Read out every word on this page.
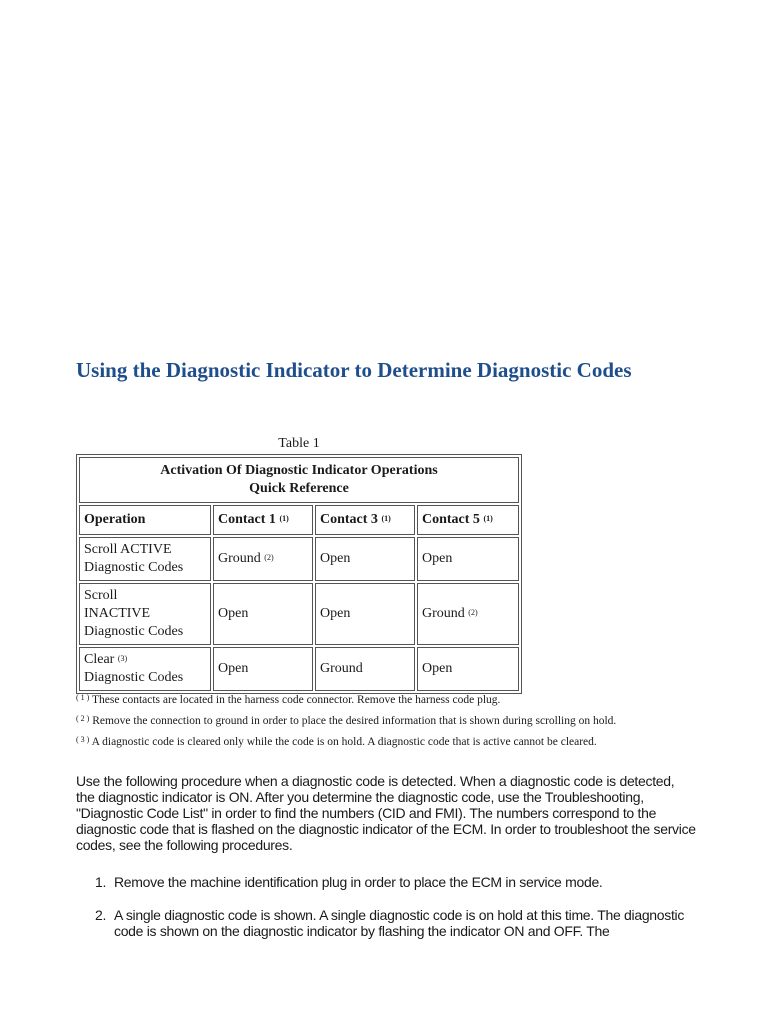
Using the Diagnostic Indicator to Determine Diagnostic Codes
Table 1
Activation Of Diagnostic Indicator Operations
Quick Reference			
Operation	Contact 1 $^{(1)}$	Contact 3 $^{(1)}$	Contact 5 $^{(1)}$
Scroll ACTIVE
Diagnostic Codes	Ground $^{(2)}$	Open	Open
Scroll
INACTIVE
Diagnostic Codes	Open	Open	Ground $^{(2)}$
Clear $^{(3)}$
Diagnostic Codes	Open	Ground	Open

$^{( 1 )}$ These contacts are located in the harness code connector. Remove the harness code plug.

$^{( 2 )}$ Remove the connection to ground in order to place the desired information that is shown during scrolling on hold.

$^{( 3 )}$ A diagnostic code is cleared only while the code is on hold. A diagnostic code that is active cannot be cleared.

Use the following procedure when a diagnostic code is detected. When a diagnostic code is detected, the diagnostic indicator is ON. After you determine the diagnostic code, use the Troubleshooting, "Diagnostic Code List" in order to find the numbers (CID and FMI). The numbers correspond to the diagnostic code that is flashed on the diagnostic indicator of the ECM. In order to troubleshoot the service codes, see the following procedures.

1. Remove the machine identification plug in order to place the ECM in service mode.
2. A single diagnostic code is shown. A single diagnostic code is on hold at this time. The diagnostic code is shown on the diagnostic indicator by flashing the indicator ON and OFF. The
